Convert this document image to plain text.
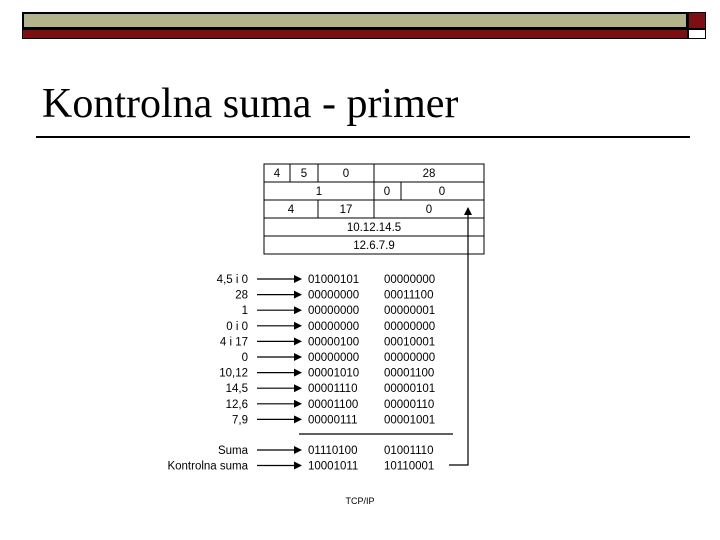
Kontrolna suma - primer
4 5	0	28
1	0	0
4	17	0
10.12.14.5
12.6.7.9
4,5 i 0	01000101 00000000
28	00000000 00011100
1	00000000 00000001
0 i 0	00000000 00000000
4 i 17	00000100 00010001
0	00000000 00000000
10,12	00001010 00001100
14,5	00001110 00000101
12,6	00001100 00000110
7,9	00000111 00001001
Suma	01110100 01001110
Kontrolna suma	10001011 10110001
TCP/IP
